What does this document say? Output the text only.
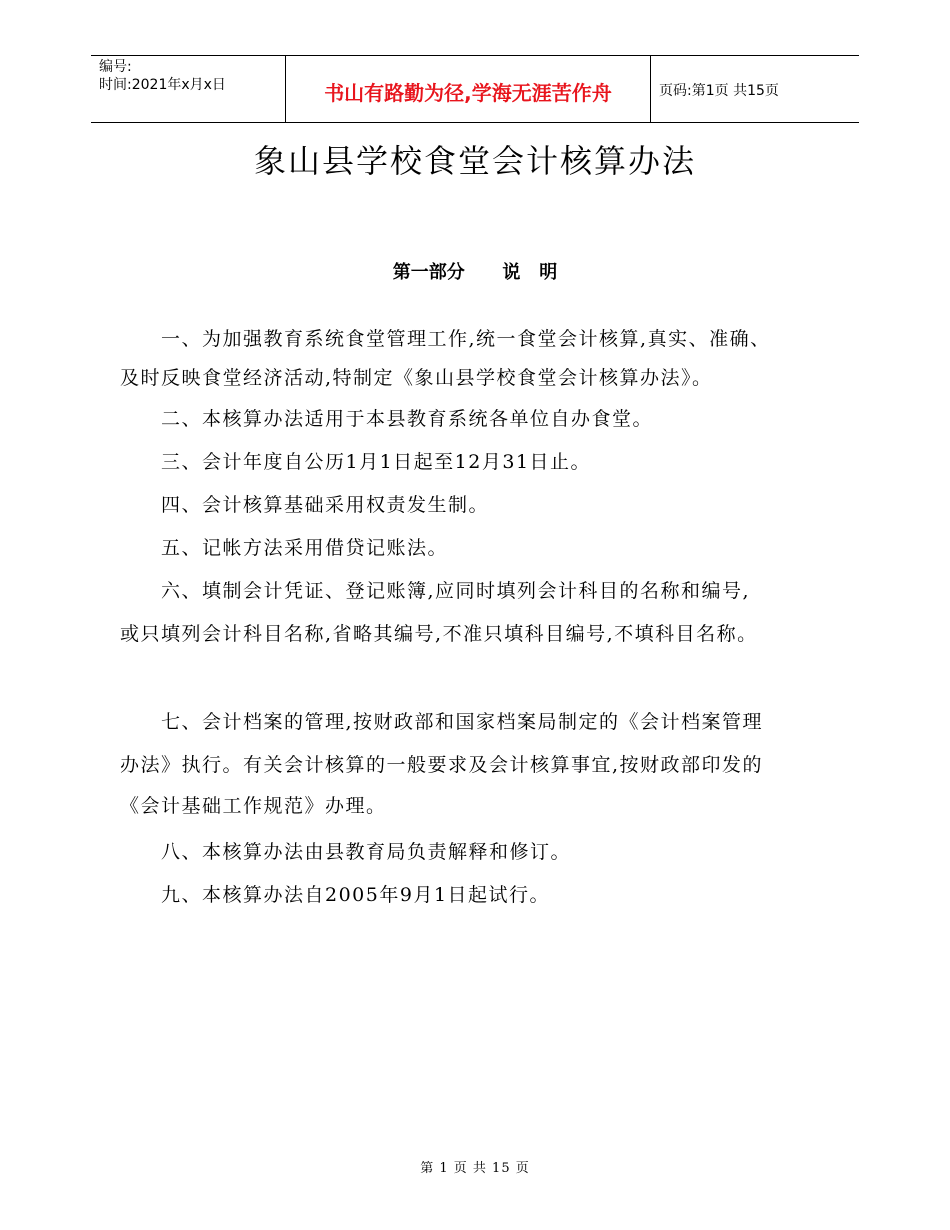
编号:
时间:2021年x月x日	书山有路勤为径,学海无涯苦作舟	页码:第1页 共15页
象山县学校食堂会计核算办法
第一部分      说   明
　　一、为加强教育系统食堂管理工作,统一食堂会计核算,真实、准确、
及时反映食堂经济活动,特制定《象山县学校食堂会计核算办法》。
　　二、本核算办法适用于本县教育系统各单位自办食堂。
　　三、会计年度自公历1月1日起至12月31日止。
　　四、会计核算基础采用权责发生制。
　　五、记帐方法采用借贷记账法。
　　六、填制会计凭证、登记账簿,应同时填列会计科目的名称和编号,
或只填列会计科目名称,省略其编号,不准只填科目编号,不填科目名称。
　　七、会计档案的管理,按财政部和国家档案局制定的《会计档案管理
办法》执行。有关会计核算的一般要求及会计核算事宜,按财政部印发的
《会计基础工作规范》办理。
　　八、本核算办法由县教育局负责解释和修订。
　　九、本核算办法自2005年9月1日起试行。
第 1 页 共 15 页
